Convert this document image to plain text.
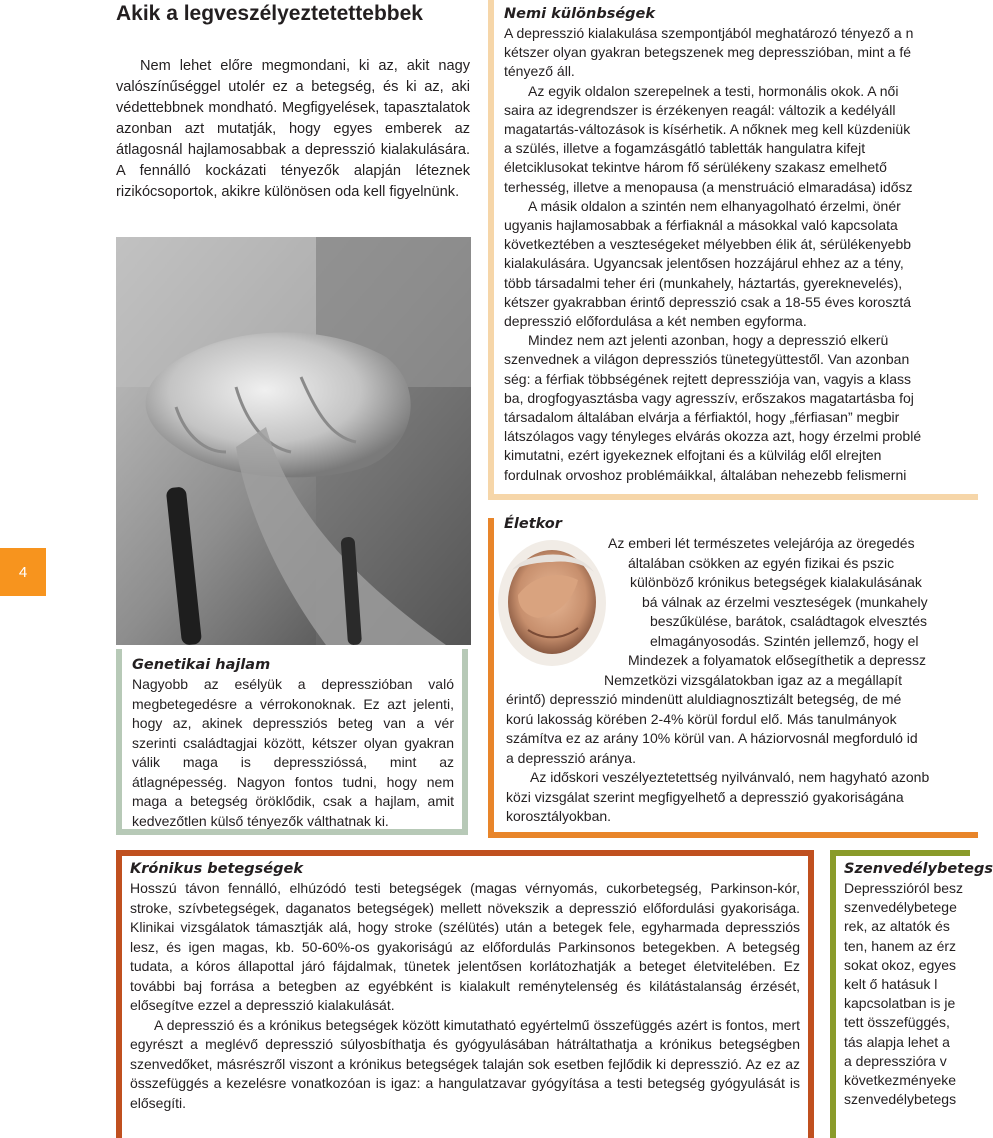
Akik a legveszélyeztetettebbek

Nem lehet előre megmondani, ki az, akit nagy valószínűséggel utolér ez a betegség, és ki az, aki védettebbnek mondható. Megfigyelések, tapasztalatok azonban azt mutatják, hogy egyes emberek az átlagosnál hajlamosabbak a depresszió kialakulására. A fennálló kockázati tényezők alapján léteznek rizikócsoportok, akikre különösen oda kell figyelnünk.

4
Genetikai hajlam

Nagyobb az esélyük a depresszióban való megbetegedésre a vérrokonoknak. Ez azt jelenti, hogy az, akinek depressziós beteg van a vér szerinti családtagjai között, kétszer olyan gyakran válik maga is depresszióssá, mint az átlagnépesség. Nagyon fontos tudni, hogy nem maga a betegség öröklődik, csak a hajlam, amit kedvezőtlen külső tényezők válthatnak ki.

Nemi különbségek
A depresszió kialakulása szempontjából meghatározó tényező a n
kétszer olyan gyakran betegszenek meg depresszióban, mint a fé
tényező áll.
Az egyik oldalon szerepelnek a testi, hormonális okok. A női
saira az idegrendszer is érzékenyen reagál: változik a kedélyáll
magatartás-változások is kísérhetik. A nőknek meg kell küzdeniük
a szülés, illetve a fogamzásgátló tabletták hangulatra kifejt
életciklusokat tekintve három fő sérülékeny szakasz emelhető
terhesség, illetve a menopausa (a menstruáció elmaradása) idősz
A másik oldalon a szintén nem elhanyagolható érzelmi, önér
ugyanis hajlamosabbak a férfiaknál a másokkal való kapcsolata
következtében a veszteségeket mélyebben élik át, sérülékenyebb
kialakulására. Ugyancsak jelentősen hozzájárul ehhez az a tény,
több társadalmi teher éri (munkahely, háztartás, gyereknevelés),
kétszer gyakrabban érintő depresszió csak a 18-55 éves korosztá
depresszió előfordulása a két nemben egyforma.
Mindez nem azt jelenti azonban, hogy a depresszió elkerü
szenvednek a világon depressziós tünetegyüttestől. Van azonban
ség: a férfiak többségének rejtett depressziója van, vagyis a klass
ba, drogfogyasztásba vagy agresszív, erőszakos magatartásba foj
társadalom általában elvárja a férfiaktól, hogy „férfiasan” megbir
látszólagos vagy tényleges elvárás okozza azt, hogy érzelmi problé
kimutatni, ezért igyekeznek elfojtani és a külvilág elől elrejten
fordulnak orvoshoz problémáikkal, általában nehezebb felismerni
Életkor
Az emberi lét természetes velejárója az öregedés
általában csökken az egyén fizikai és pszic
különböző krónikus betegségek kialakulásának
bá válnak az érzelmi veszteségek (munkahely
beszűkülése, barátok, családtagok elvesztés
elmagányosodás. Szintén jellemző, hogy el
Mindezek a folyamatok elősegíthetik a depressz
Nemzetközi vizsgálatokban igaz az a megállapít
érintő) depresszió mindenütt aluldiagnosztizált betegség, de mé
korú lakosság körében 2-4% körül fordul elő. Más tanulmányok
számítva ez az arány 10% körül van. A háziorvosnál megforduló id
a depresszió aránya.
Az időskori veszélyeztetettség nyilvánvaló, nem hagyható azonb
közi vizsgálat szerint megfigyelhető a depresszió gyakoriságána
korosztályokban.
Krónikus betegségek

Hosszú távon fennálló, elhúzódó testi betegségek (magas vérnyomás, cukorbetegség, Parkinson-kór, stroke, szívbetegségek, daganatos betegségek) mellett növekszik a depresszió előfordulási gyakorisága. Klinikai vizsgálatok támasztják alá, hogy stroke (szélütés) után a betegek fele, egyharmada depressziós lesz, és igen magas, kb. 50-60%-os gyakoriságú az előfordulás Parkinsonos betegekben. A betegség tudata, a kóros állapottal járó fájdalmak, tünetek jelentősen korlátozhatják a beteget életvitelében. Ez további baj forrása a betegben az egyébként is kialakult reménytelenség és kilátástalanság érzését, elősegítve ezzel a depresszió kialakulását.

A depresszió és a krónikus betegségek között kimutatható egyértelmű összefüggés azért is fontos, mert egyrészt a meglévő depresszió súlyosbíthatja és gyógyulásában hátráltathatja a krónikus betegségben szenvedőket, másrészről viszont a krónikus betegségek talaján sok esetben fejlődik ki depresszió. Az ez az összefüggés a kezelésre vonatkozóan is igaz: a hangulatzavar gyógyítása a testi betegség gyógyulását is elősegíti.

Szenvedélybetegs
Depresszióról besz
szenvedélybetege
rek, az altatók és
ten, hanem az érz
sokat okoz, egyes
kelt ő hatásuk l
kapcsolatban is je
tett összefüggés,
tás alapja lehet a
a depresszióra v
következményeke
szenvedélybetegs
